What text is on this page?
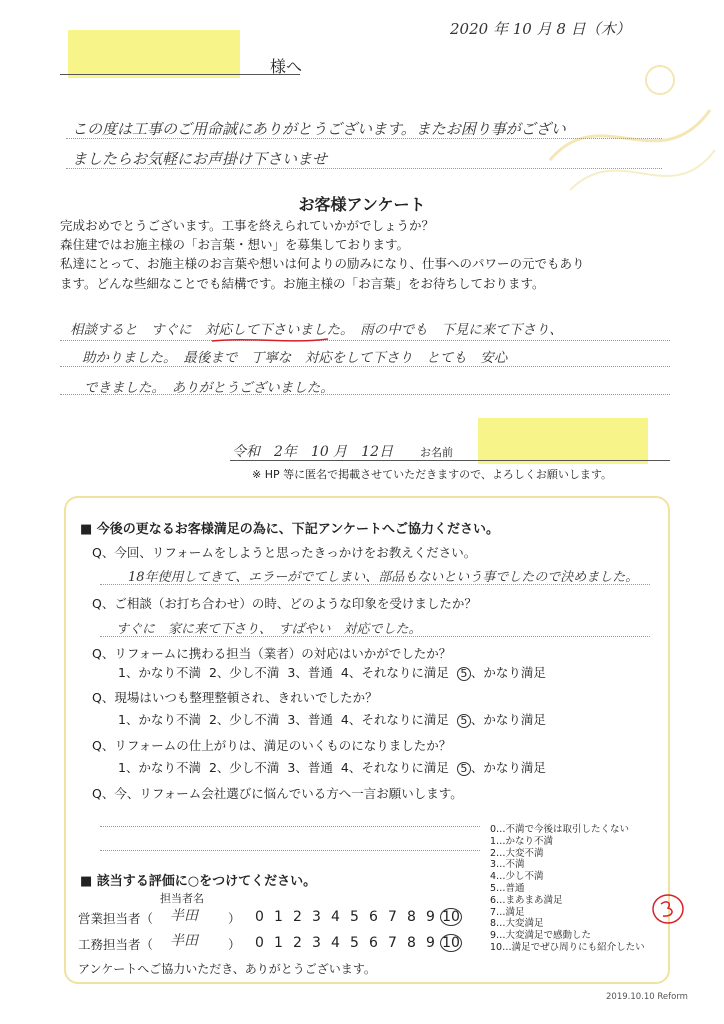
2020 年 10 月 8 日（木）
様へ
この度は工事のご用命誠にありがとうございます。またお困り事がござい
ましたらお気軽にお声掛け下さいませ
お客様アンケート
完成おめでとうございます。工事を終えられていかがでしょうか？
森住建ではお施主様の「お言葉・想い」を募集しております。
私達にとって、お施主様のお言葉や想いは何よりの励みになり、仕事へのパワーの元でもあり
ます。どんな些細なことでも結構です。お施主様の「お言葉」をお待ちしております。
相談すると　すぐに　対応して下さいました。　雨の中でも　下見に来て下さり、
助かりました。　最後まで　丁寧な　対応をして下さり　とても　安心
できました。　ありがとうございました。
令和　2年　10 月　12日 お名前
※ HP 等に匿名で掲載させていただきますので、よろしくお願いします。
■ 今後の更なるお客様満足の為に、下記アンケートへご協力ください。
Q、今回、リフォームをしようと思ったきっかけをお教えください。
18年使用してきて、エラーがでてしまい、部品もないという事でしたので決めました。
Q、ご相談（お打ち合わせ）の時、どのような印象を受けましたか？
すぐに　家に来て下さり、　すばやい　対応でした。
Q、リフォームに携わる担当（業者）の対応はいかがでしたか？
1、かなり不満 2、少し不満 3、普通 4、それなりに満足 5 、かなり満足
Q、現場はいつも整理整頓され、きれいでしたか？
1、かなり不満 2、少し不満 3、普通 4、それなりに満足 5 、かなり満足
Q、リフォームの仕上がりは、満足のいくものになりましたか？
1、かなり不満 2、少し不満 3、普通 4、それなりに満足 5 、かなり満足
Q、今、リフォーム会社選びに悩んでいる方へ一言お願いします。
0…不満で今後は取引したくない
1…かなり不満
2…大変不満
3…不満
4…少し不満
5…普通
6…まあまあ満足
7…満足
8…大変満足
9…大変満足で感動した
10…満足でぜひ周りにも紹介したい
■ 該当する評価に○をつけてください。
担当者名
営業担当者（ 半田 ）	0 1 2 3 4 5 6 7 8 9 10
工務担当者（ 半田 ）	0 1 2 3 4 5 6 7 8 9 10
アンケートへご協力いただき、ありがとうございます。
2019.10.10 Reform
